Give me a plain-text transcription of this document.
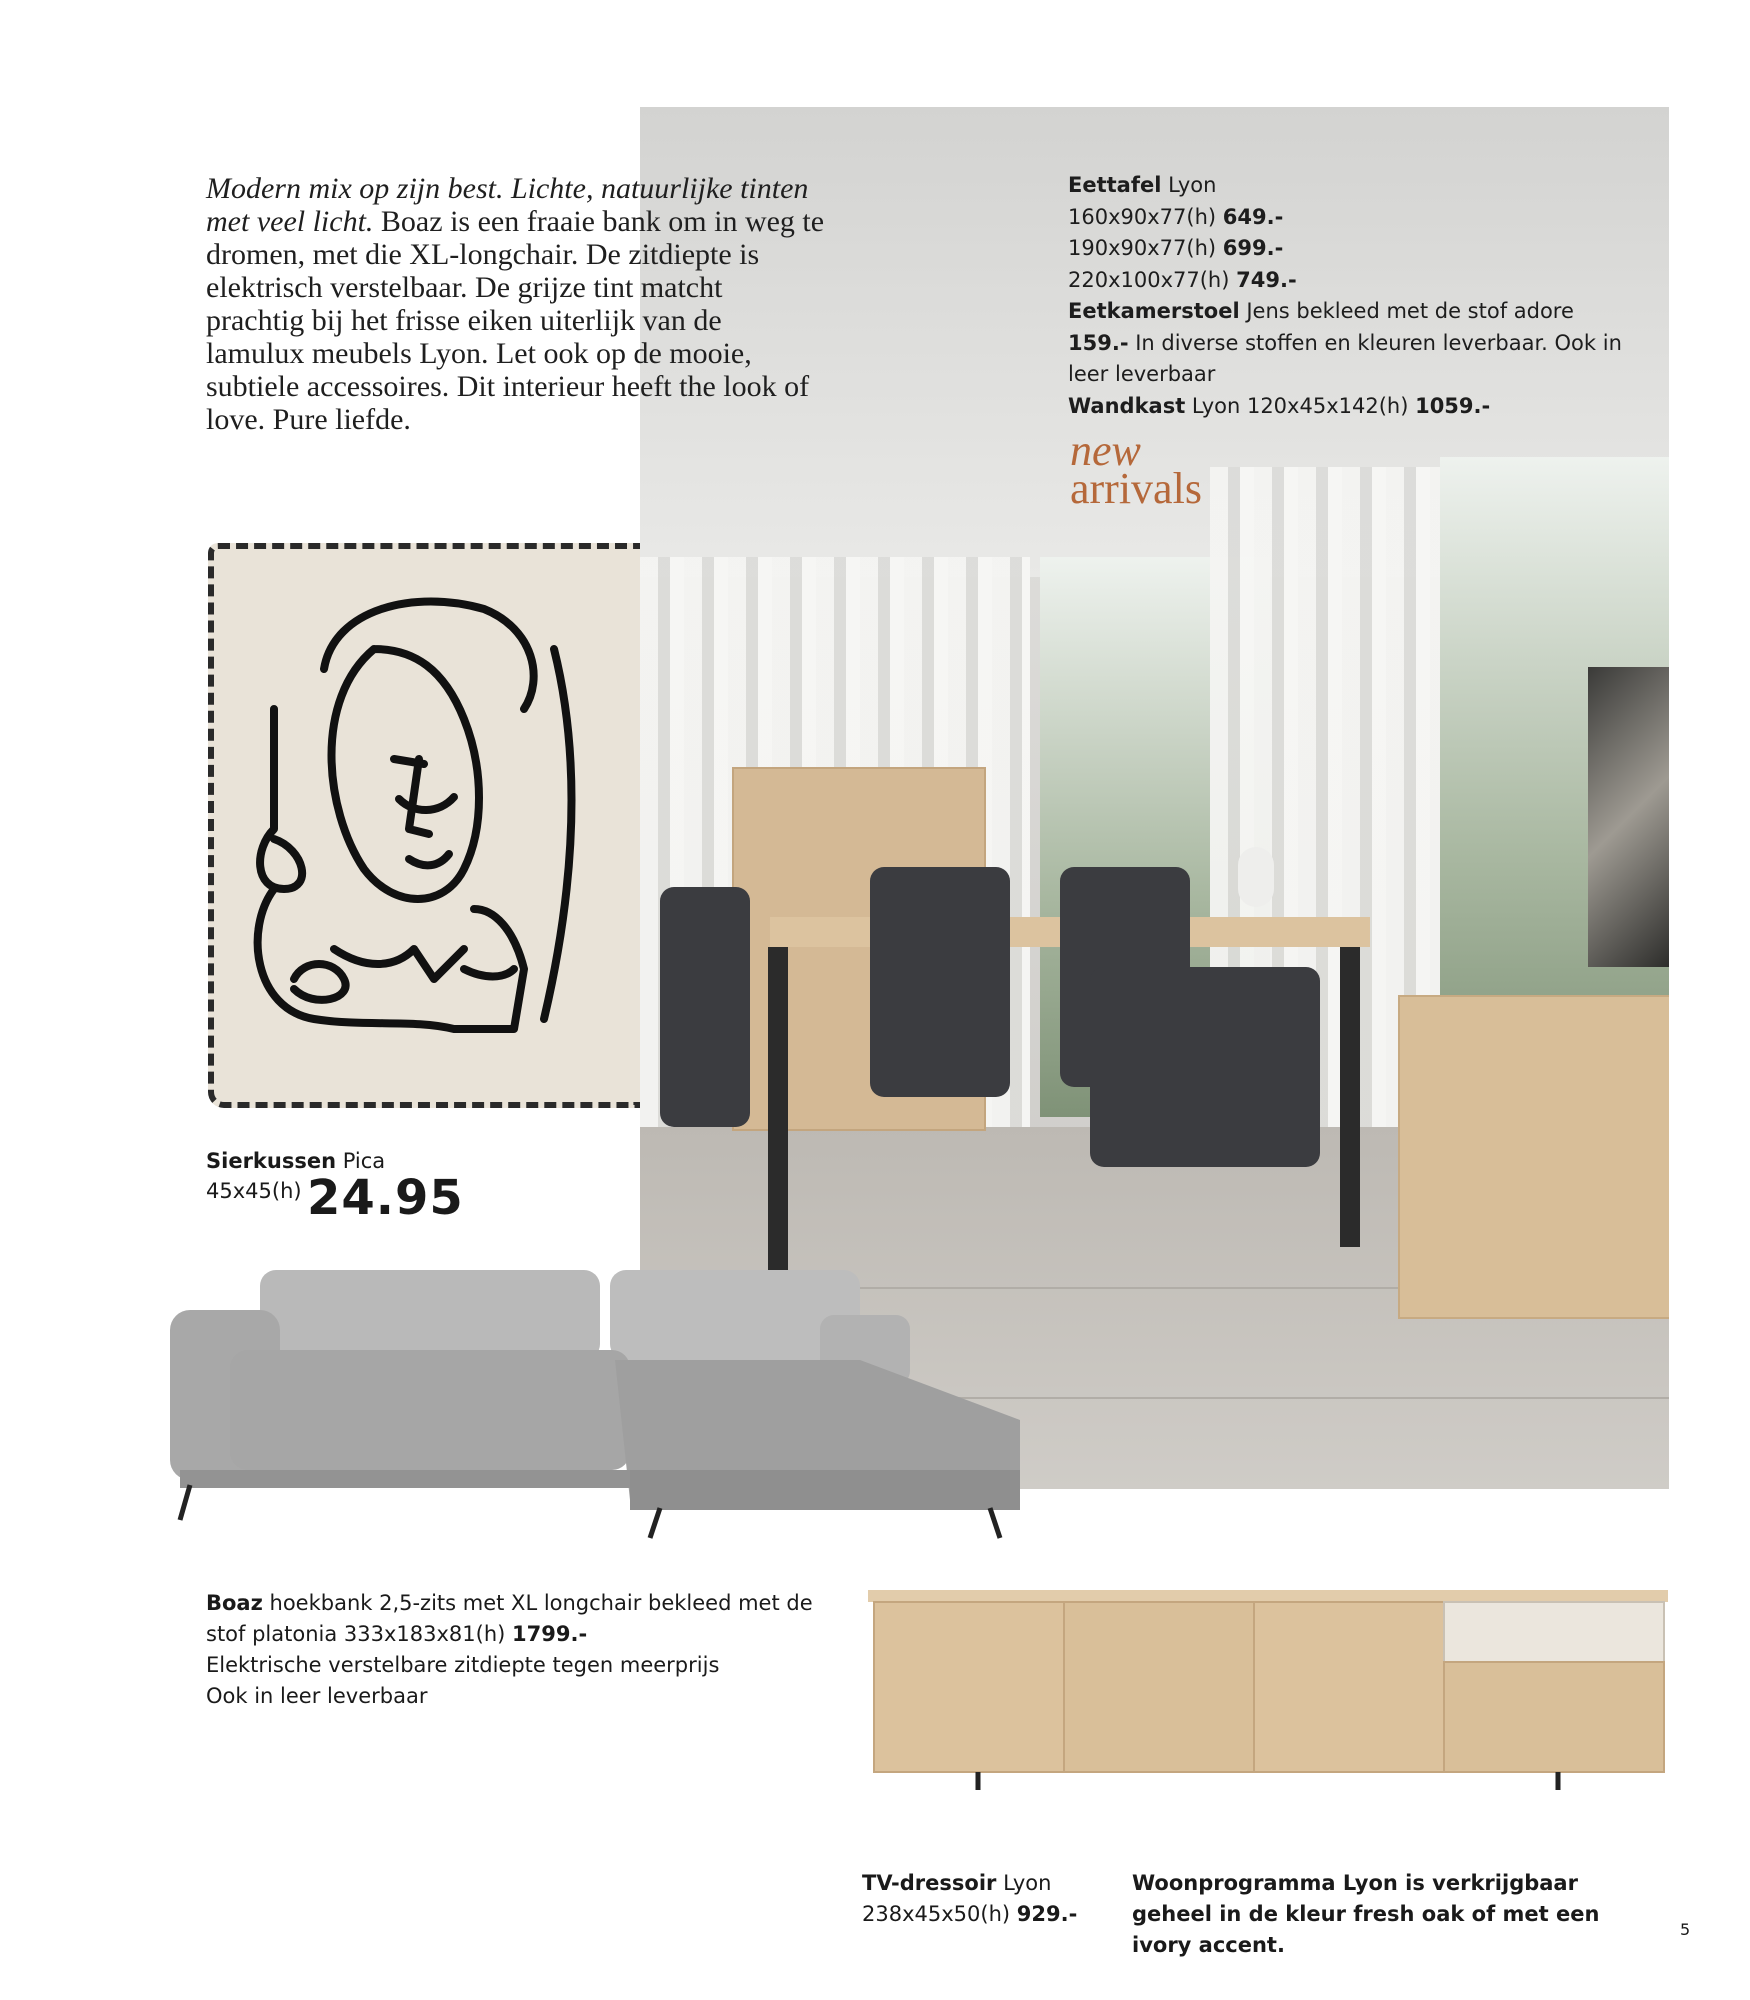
Modern mix op zijn best. Lichte, natuurlijke tinten met veel licht. Boaz is een fraaie bank om in weg te dromen, met die XL-longchair. De zitdiepte is elektrisch verstelbaar. De grijze tint matcht prachtig bij het frisse eiken uiterlijk van de lamulux meubels Lyon. Let ook op de mooie, subtiele accessoires. Dit interieur heeft the look of love. Pure liefde.
Eettafel Lyon
160x90x77(h) 649.-
190x90x77(h) 699.-
220x100x77(h) 749.-
Eetkamerstoel Jens bekleed met de stof adore 159.- In diverse stoffen en kleuren leverbaar. Ook in leer leverbaar
Wandkast Lyon 120x45x142(h) 1059.-
new
arrivals
Sierkussen Pica
45x45(h) 24.95
Boaz hoekbank 2,5-zits met XL longchair bekleed met de stof platonia 333x183x81(h) 1799.-
Elektrische verstelbare zitdiepte tegen meerprijs
Ook in leer leverbaar
TV-dressoir Lyon
238x45x50(h) 929.-
Woonprogramma Lyon is verkrijgbaar geheel in de kleur fresh oak of met een ivory accent.
5
